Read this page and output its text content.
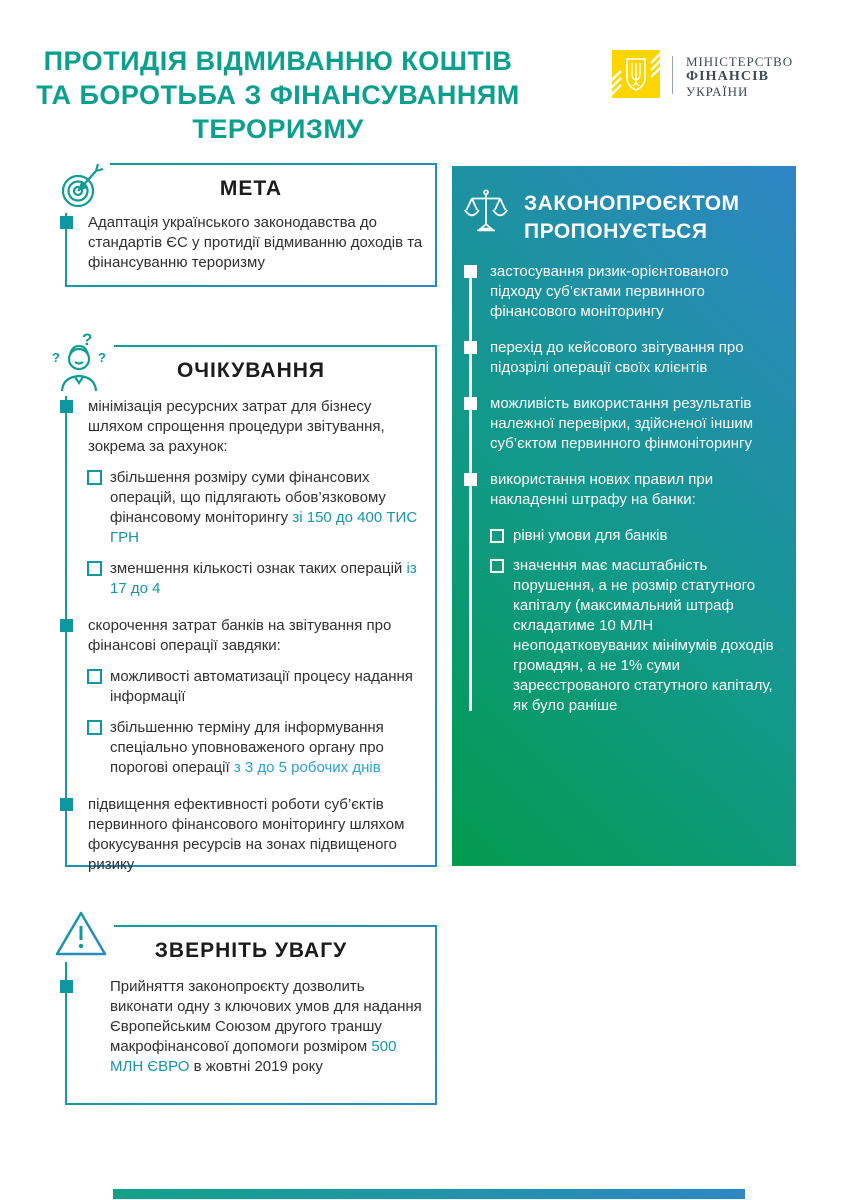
ПРОТИДІЯ ВІДМИВАННЮ КОШТІВ
ТА БОРОТЬБА З ФІНАНСУВАННЯМ
ТЕРОРИЗМУ
МІНІСТЕРСТВО
ФІНАНСІВ
УКРАЇНИ
МЕТА
Адаптація українського законодавства до стандартів ЄС у протидії відмиванню доходів та фінансуванню тероризму
?
?	?
ОЧІКУВАННЯ
мінімізація ресурсних затрат для бізнесу шляхом спрощення процедури звітування, зокрема за рахунок:
збільшення розміру суми фінансових операцій, що підлягають обов’язковому фінансовому моніторингу зі 150 до 400 ТИС ГРН
зменшення кількості ознак таких операцій із 17 до 4
скорочення затрат банків на звітування про фінансові операції завдяки:
можливості автоматизації процесу надання інформації
збільшенню терміну для інформування спеціально уповноваженого органу про порогові операції з 3 до 5 робочих днів
підвищення ефективності роботи суб’єктів первинного фінансового моніторингу шляхом фокусування ресурсів на зонах підвищеного ризику
ЗАКОНОПРОЄКТОМ
ПРОПОНУЄТЬСЯ
застосування ризик-орієнтованого підходу суб’єктами первинного фінансового моніторингу
перехід до кейсового звітування про підозрілі операції своїх клієнтів
можливість використання результатів належної перевірки, здійсненої іншим суб’єктом первинного фінмоніторингу
використання нових правил при накладенні штрафу на банки:
рівні умови для банків
значення має масштабність порушення, а не розмір статутного капіталу (максимальний штраф складатиме 10 МЛН неоподатковуваних мінімумів доходів громадян, а не 1% суми зареєстрованого статутного капіталу, як було раніше
ЗВЕРНІТЬ УВАГУ
Прийняття законопроєкту дозволить виконати одну з ключових умов для надання Європейським Союзом другого траншу макрофінансової допомоги розміром 500 МЛН ЄВРО в жовтні 2019 року
